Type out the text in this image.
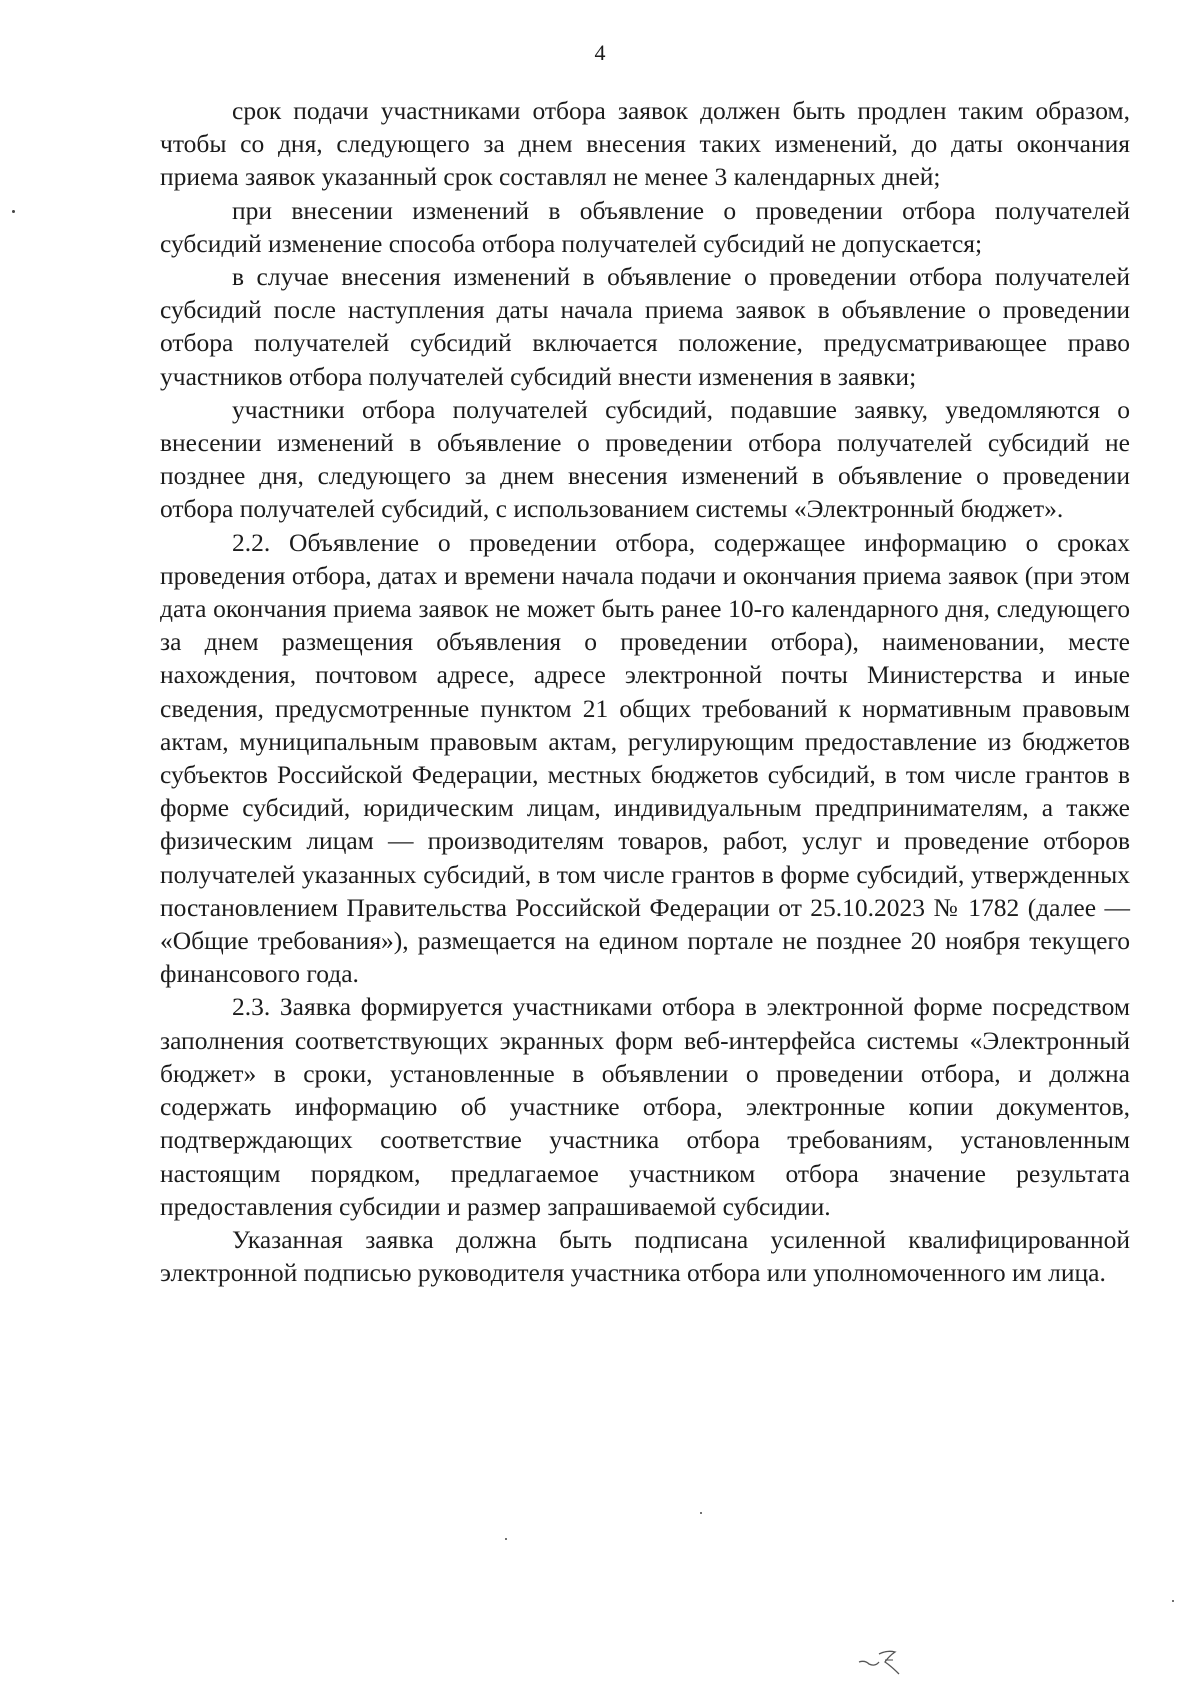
4

срок подачи участниками отбора заявок должен быть продлен таким образом, чтобы со дня, следующего за днем внесения таких изменений, до даты окончания приема заявок указанный срок составлял не менее 3 календарных дней;

при внесении изменений в объявление о проведении отбора получателей субсидий изменение способа отбора получателей субсидий не допускается;

в случае внесения изменений в объявление о проведении отбора получателей субсидий после наступления даты начала приема заявок в объявление о проведении отбора получателей субсидий включается положение, предусматривающее право участников отбора получателей субсидий внести изменения в заявки;

участники отбора получателей субсидий, подавшие заявку, уведомляются о внесении изменений в объявление о проведении отбора получателей субсидий не позднее дня, следующего за днем внесения изменений в объявление о проведении отбора получателей субсидий, с использованием системы «Электронный бюджет».

2.2. Объявление о проведении отбора, содержащее информацию о сроках проведения отбора, датах и времени начала подачи и окончания приема заявок (при этом дата окончания приема заявок не может быть ранее 10-го календарного дня, следующего за днем размещения объявления о проведении отбора), наименовании, месте нахождения, почтовом адресе, адресе электронной почты Министерства и иные сведения, предусмотренные пунктом 21 общих требований к нормативным правовым актам, муниципальным правовым актам, регулирующим предоставление из бюджетов субъектов Российской Федерации, местных бюджетов субсидий, в том числе грантов в форме субсидий, юридическим лицам, индивидуальным предпринимателям, а также физическим лицам — производителям товаров, работ, услуг и проведение отборов получателей указанных субсидий, в том числе грантов в форме субсидий, утвержденных постановлением Правительства Российской Федерации от 25.10.2023 № 1782 (далее — «Общие требования»), размещается на едином портале не позднее 20 ноября текущего финансового года.

2.3. Заявка формируется участниками отбора в электронной форме посредством заполнения соответствующих экранных форм веб-интерфейса системы «Электронный бюджет» в сроки, установленные в объявлении о проведении отбора, и должна содержать информацию об участнике отбора, электронные копии документов, подтверждающих соответствие участника отбора требованиям, установленным настоящим порядком, предлагаемое участником отбора значение результата предоставления субсидии и размер запрашиваемой субсидии.

Указанная заявка должна быть подписана усиленной квалифицированной электронной подписью руководителя участника отбора или уполномоченного им лица.
